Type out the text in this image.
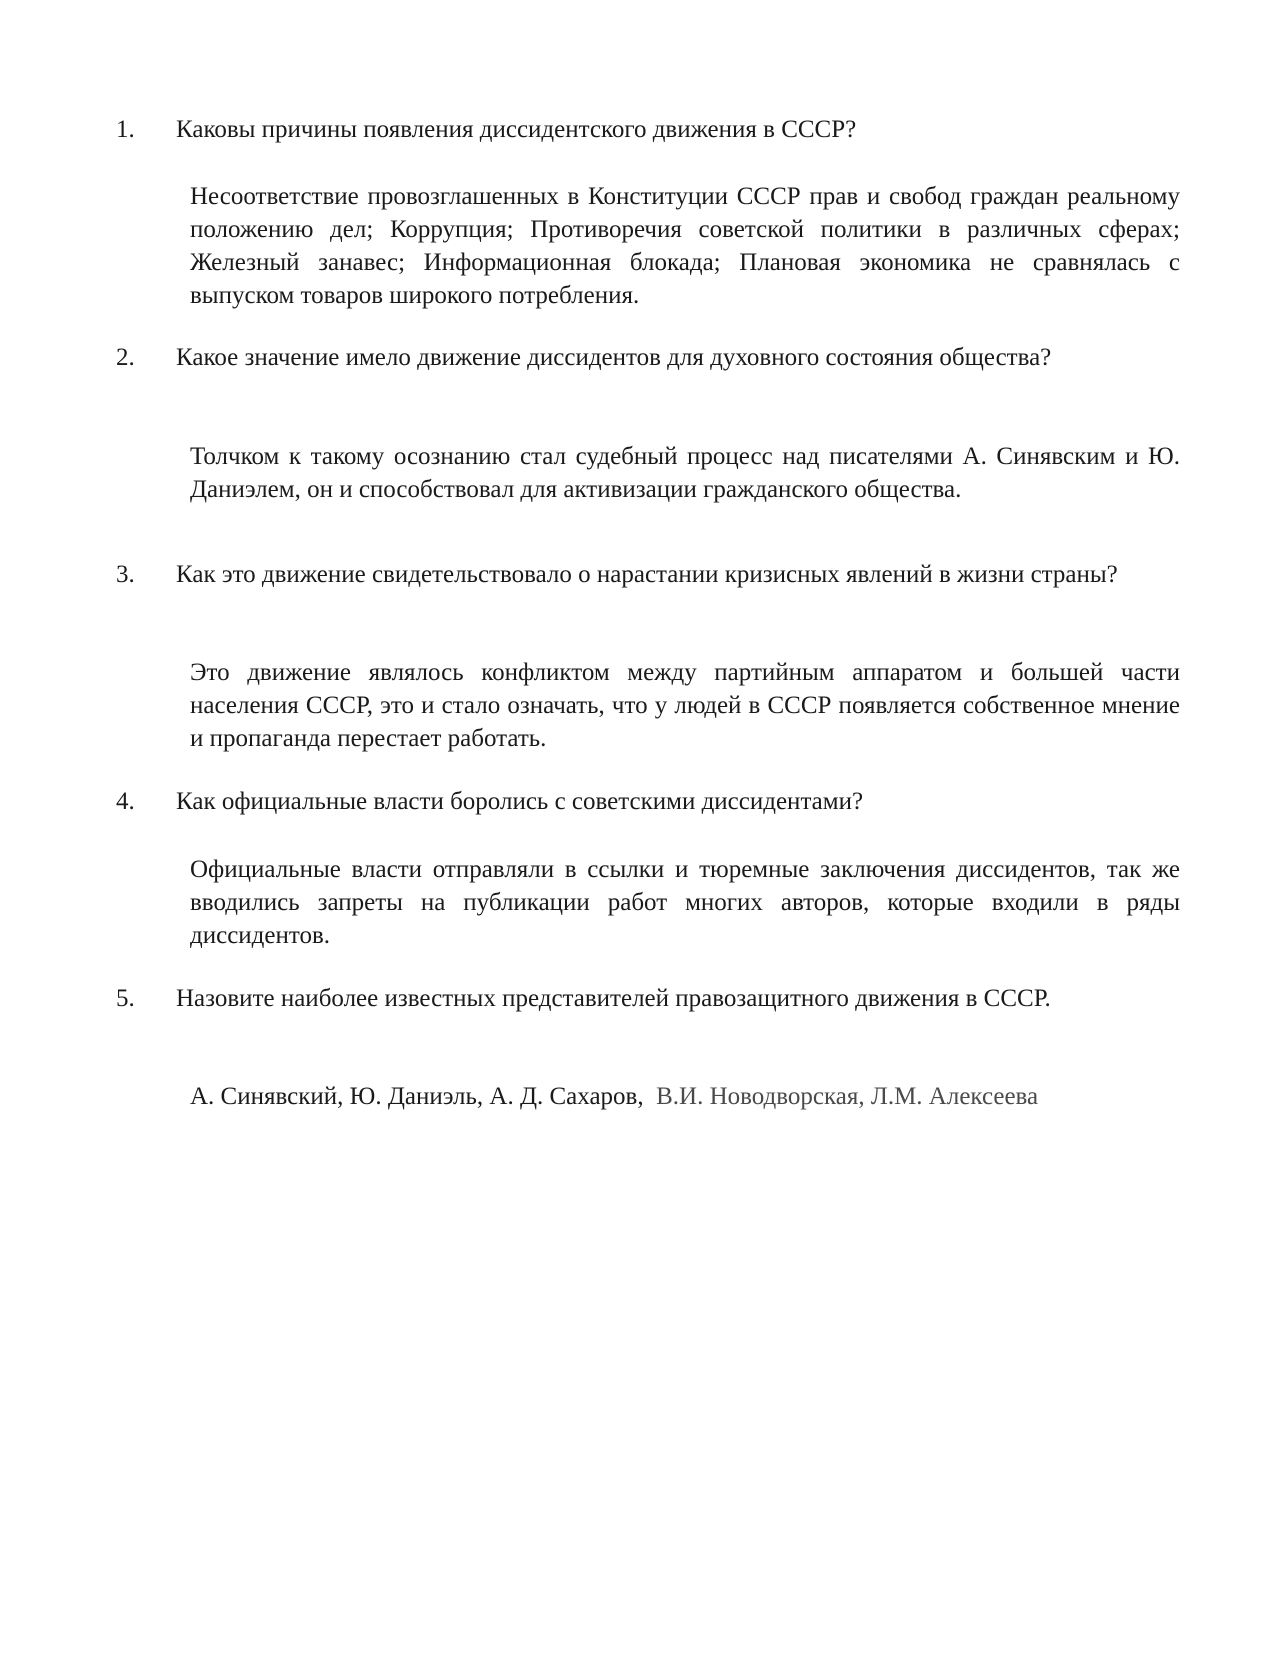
1. Каковы причины появления диссидентского движения в СССР?

Несоответствие провозглашенных в Конституции СССР прав и свобод граждан реальному положению дел; Коррупция; Противоречия советской политики в различных сферах; Железный занавес; Информационная блокада; Плановая экономика не сравнялась с выпуском товаров широкого потребления.

2. Какое значение имело движение диссидентов для духовного состояния общества?

Толчком к такому осознанию стал судебный процесс над писателями А. Синявским и Ю. Даниэлем, он и способствовал для активизации гражданского общества.

3. Как это движение свидетельствовало о нарастании кризисных явлений в жизни страны?

Это движение являлось конфликтом между партийным аппаратом и большей части населения СССР, это и стало означать, что у людей в СССР появляется собственное мнение и пропаганда перестает работать.

4. Как официальные власти боролись с советскими диссидентами?

Официальные власти отправляли в ссылки и тюремные заключения диссидентов, так же вводились запреты на публикации работ многих авторов, которые входили в ряды диссидентов.

5. Назовите наиболее известных представителей правозащитного движения в СССР.

А. Синявский, Ю. Даниэль, А. Д. Сахаров, В.И. Новодворская, Л.М. Алексеева
